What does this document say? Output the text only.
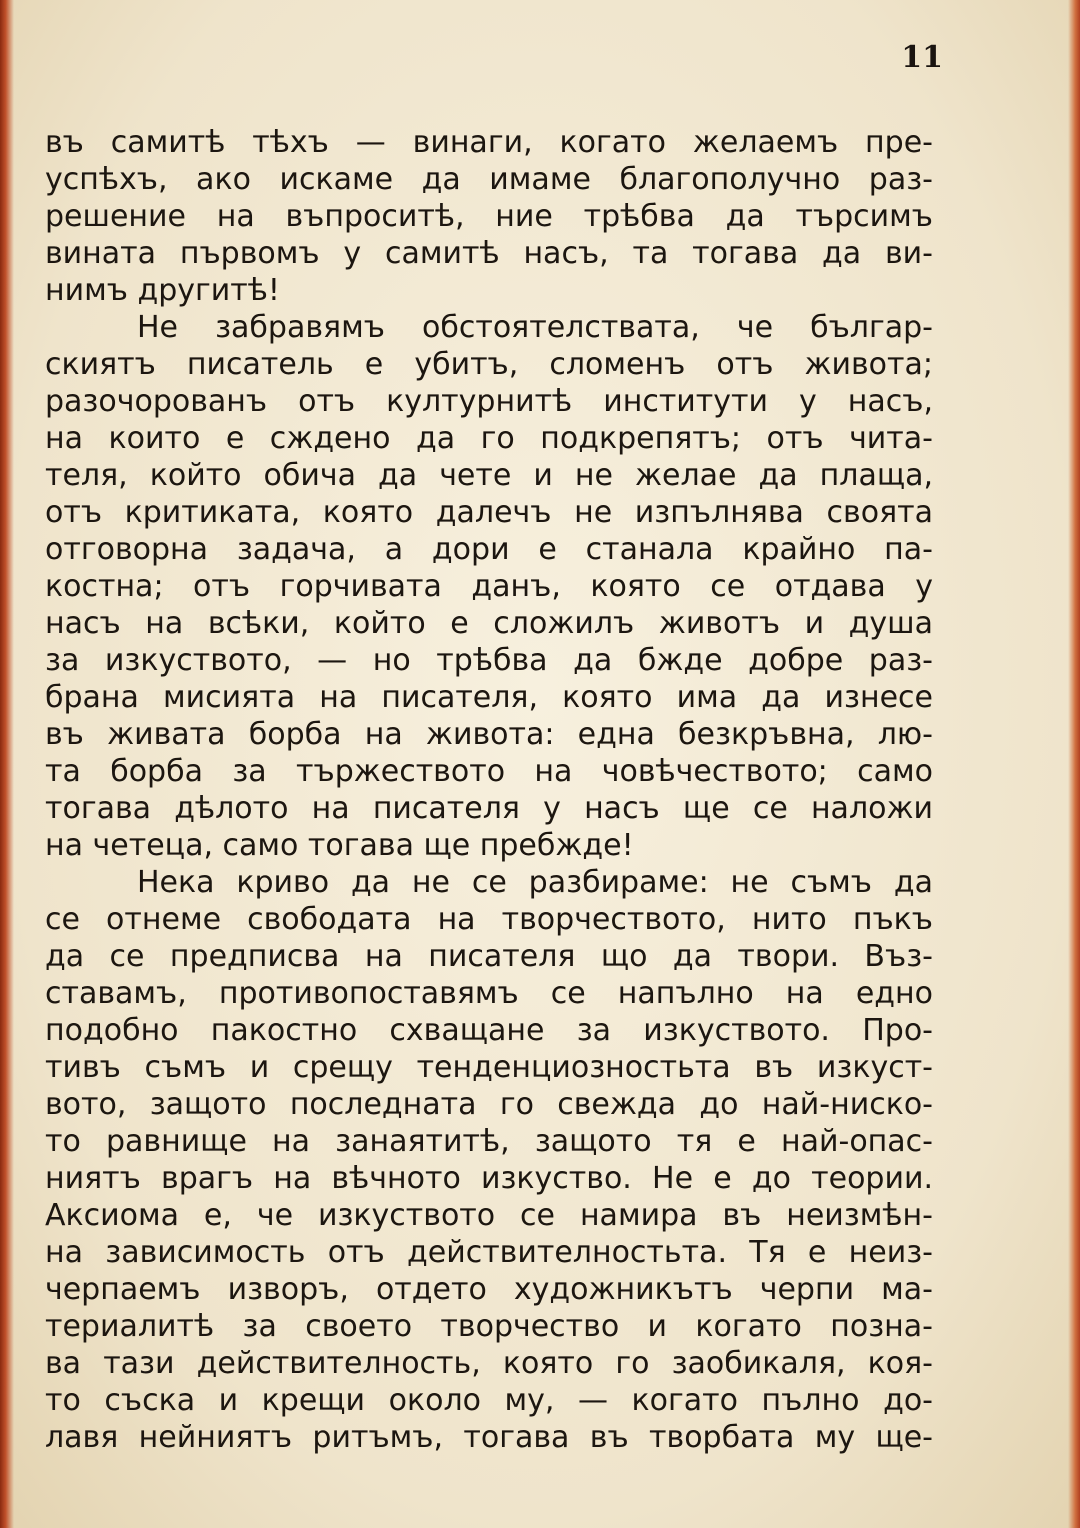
11
въ самитѣ тѣхъ — винаги, когато желаемъ пре-
успѣхъ, ако искаме да имаме благополучно раз-
решение на въпроситѣ, ние трѣбва да търсимъ
вината първомъ у самитѣ насъ, та тогава да ви-
нимъ другитѣ!
Не забравямъ обстоятелствата, че българ-
скиятъ писатель е убитъ, сломенъ отъ живота;
разочорованъ отъ културнитѣ институти у насъ,
на които е сждено да го подкрепятъ; отъ чита-
теля, който обича да чете и не желае да плаща,
отъ критиката, която далечъ не изпълнява своята
отговорна задача, а дори е станала крайно па-
костна; отъ горчивата данъ, която се отдава у
насъ на всѣки, който е сложилъ животъ и душа
за изкуството, — но трѣбва да бжде добре раз-
брана мисията на писателя, която има да изнесе
въ живата борба на живота: една безкръвна, лю-
та борба за тържеството на човѣчеството; само
тогава дѣлото на писателя у насъ ще се наложи
на четеца, само тогава ще пребжде!
Нека криво да не се разбираме: не съмъ да
се отнеме свободата на творчеството, нито пъкъ
да се предписва на писателя що да твори. Въз-
ставамъ, противопоставямъ се напълно на едно
подобно пакостно схващане за изкуството. Про-
тивъ съмъ и срещу тенденциозностьта въ изкуст-
вото, защото последната го свежда до най-ниско-
то равнище на занаятитѣ, защото тя е най-опас-
ниятъ врагъ на вѣчното изкуство. Не е до теории.
Аксиома е, че изкуството се намира въ неизмѣн-
на зависимость отъ действителностьта. Тя е неиз-
черпаемъ изворъ, отдето художникътъ черпи ма-
териалитѣ за своето творчество и когато позна-
ва тази действителность, която го заобикаля, коя-
то съска и крещи около му, — когато пълно до-
лавя нейниятъ ритъмъ, тогава въ творбата му ще-
